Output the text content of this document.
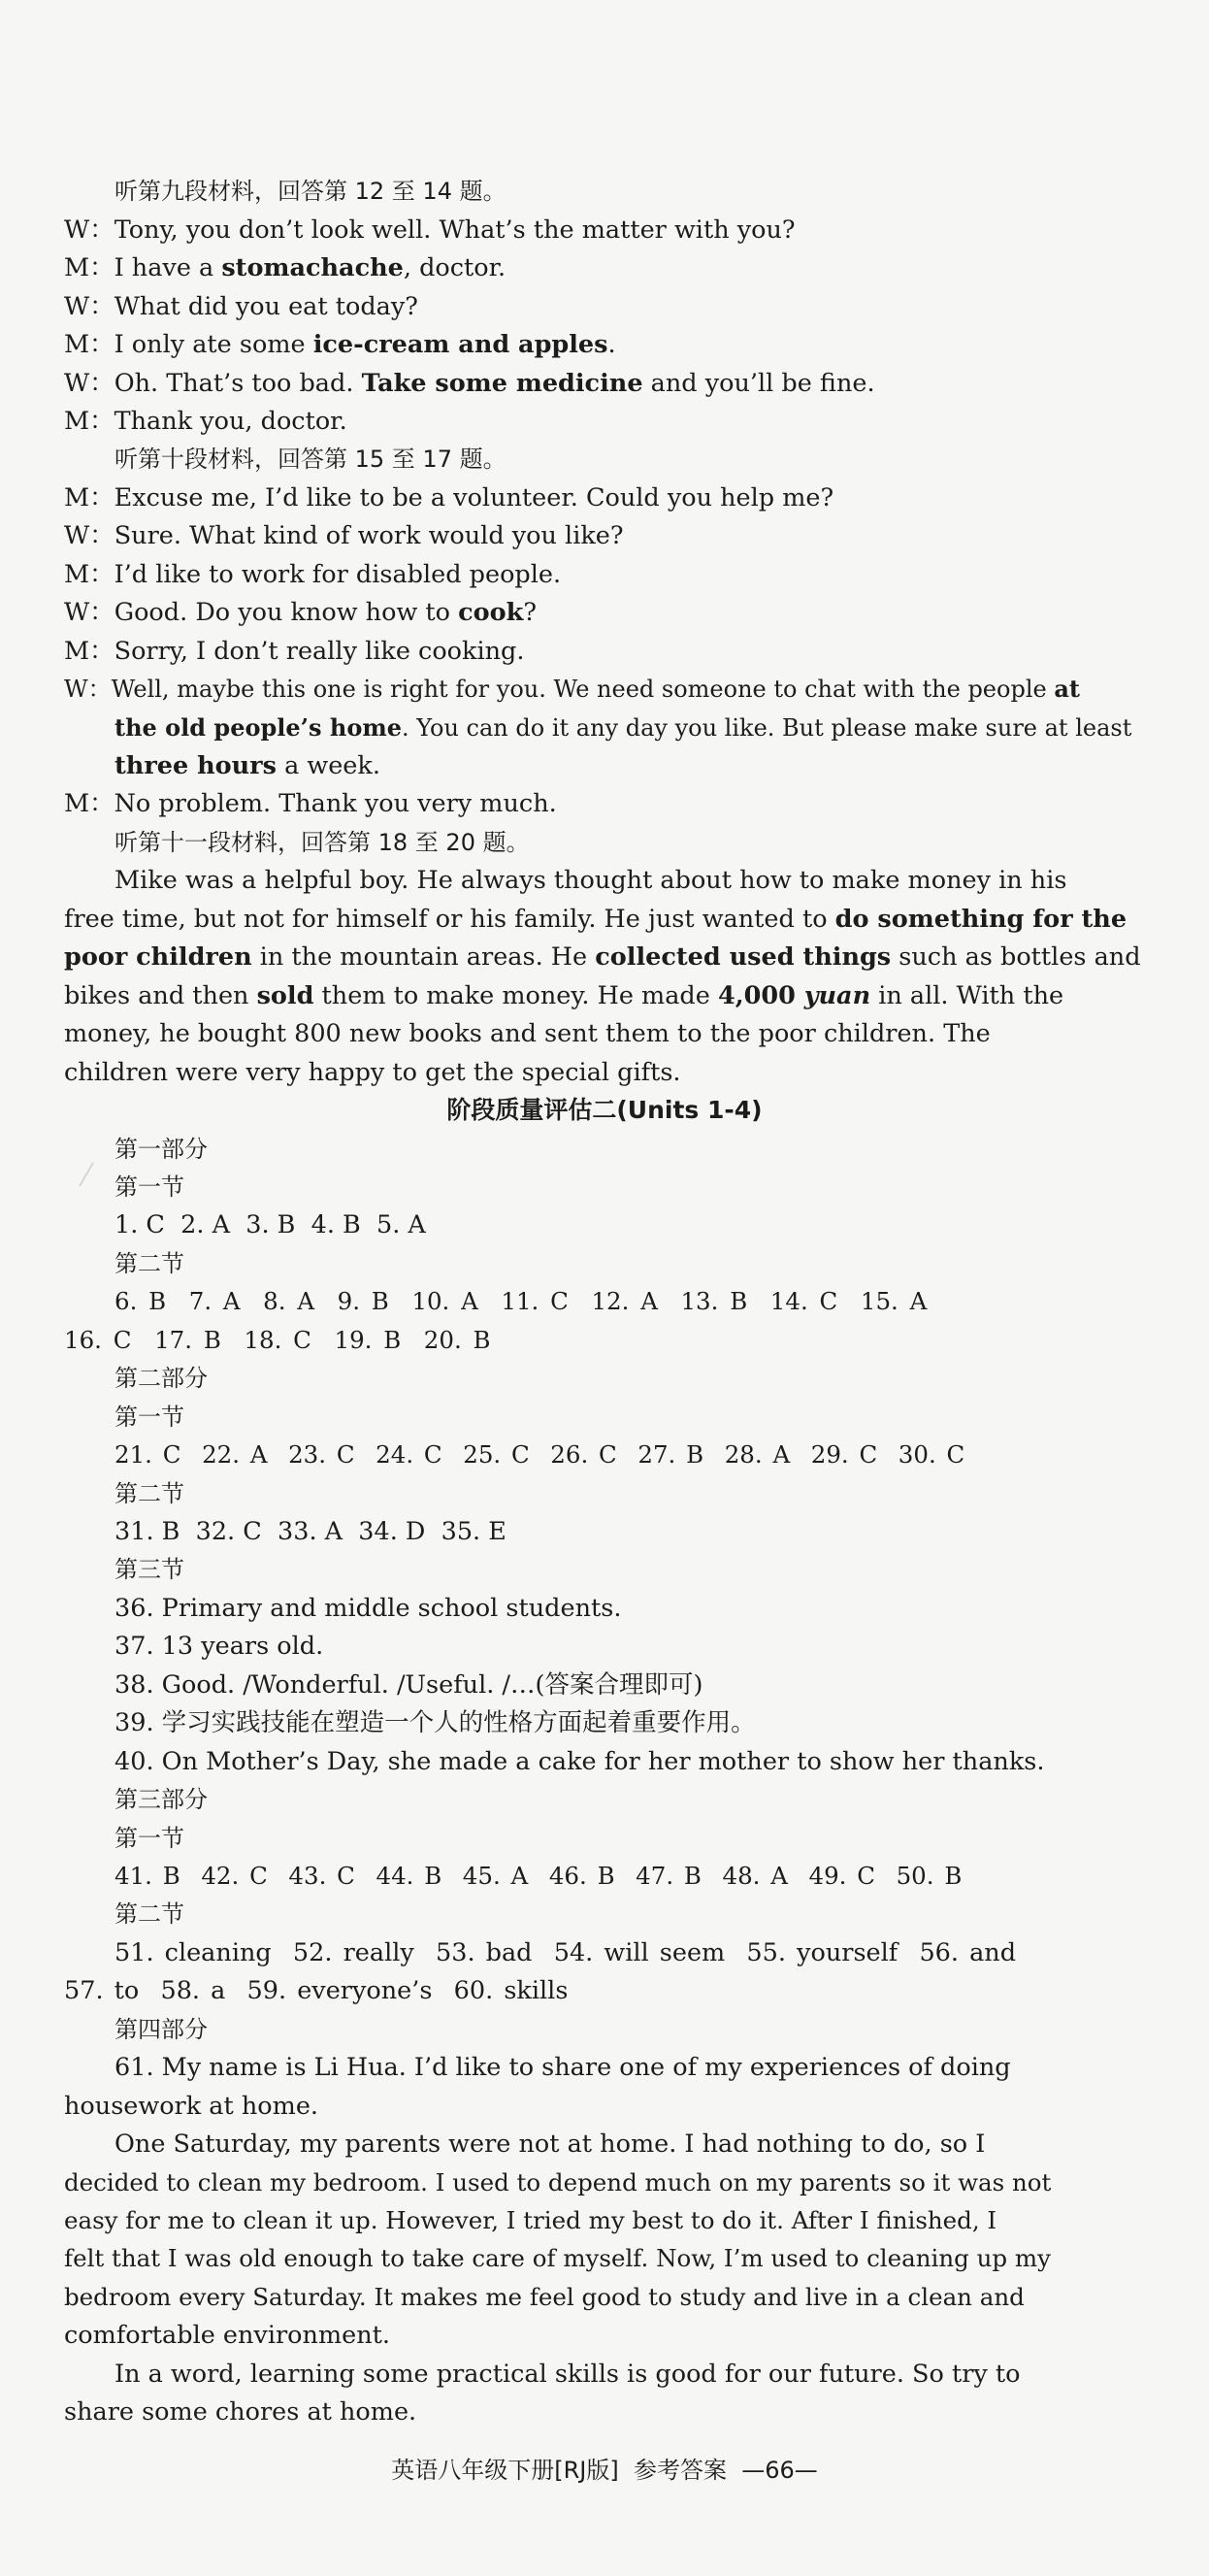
听第九段材料，回答第 12 至 14 题。
W：Tony, you don’t look well. What’s the matter with you?
M：I have a stomachache, doctor.
W：What did you eat today?
M：I only ate some ice-cream and apples.
W：Oh. That’s too bad. Take some medicine and you’ll be fine.
M：Thank you, doctor.
听第十段材料，回答第 15 至 17 题。
M：Excuse me, I’d like to be a volunteer. Could you help me?
W：Sure. What kind of work would you like?
M：I’d like to work for disabled people.
W：Good. Do you know how to cook?
M：Sorry, I don’t really like cooking.
W：Well, maybe this one is right for you. We need someone to chat with the people at
the old people’s home. You can do it any day you like. But please make sure at least
three hours a week.
M：No problem. Thank you very much.
听第十一段材料，回答第 18 至 20 题。
Mike was a helpful boy. He always thought about how to make money in his
free time, but not for himself or his family. He just wanted to do something for the
poor children in the mountain areas. He collected used things such as bottles and
bikes and then sold them to make money. He made 4,000 yuan in all. With the
money, he bought 800 new books and sent them to the poor children. The
children were very happy to get the special gifts.
阶段质量评估二(Units 1-4)
第一部分
第一节
1. C  2. A  3. B  4. B  5. A
第二节
6. B  7. A  8. A  9. B  10. A  11. C  12. A  13. B  14. C  15. A
16. C  17. B  18. C  19. B  20. B
第二部分
第一节
21. C  22. A  23. C  24. C  25. C  26. C  27. B  28. A  29. C  30. C
第二节
31. B  32. C  33. A  34. D  35. E
第三节
36. Primary and middle school students.
37. 13 years old.
38. Good. /Wonderful. /Useful. /…(答案合理即可)
39. 学习实践技能在塑造一个人的性格方面起着重要作用。
40. On Mother’s Day, she made a cake for her mother to show her thanks.
第三部分
第一节
41. B  42. C  43. C  44. B  45. A  46. B  47. B  48. A  49. C  50. B
第二节
51. cleaning  52. really  53. bad  54. will seem  55. yourself  56. and
57. to  58. a  59. everyone’s  60. skills
第四部分
61. My name is Li Hua. I’d like to share one of my experiences of doing
housework at home.
One Saturday, my parents were not at home. I had nothing to do, so I
decided to clean my bedroom. I used to depend much on my parents so it was not
easy for me to clean it up. However, I tried my best to do it. After I finished, I
felt that I was old enough to take care of myself. Now, I’m used to cleaning up my
bedroom every Saturday. It makes me feel good to study and live in a clean and
comfortable environment.
In a word, learning some practical skills is good for our future. So try to
share some chores at home.
英语八年级下册[RJ版]  参考答案  —66—
